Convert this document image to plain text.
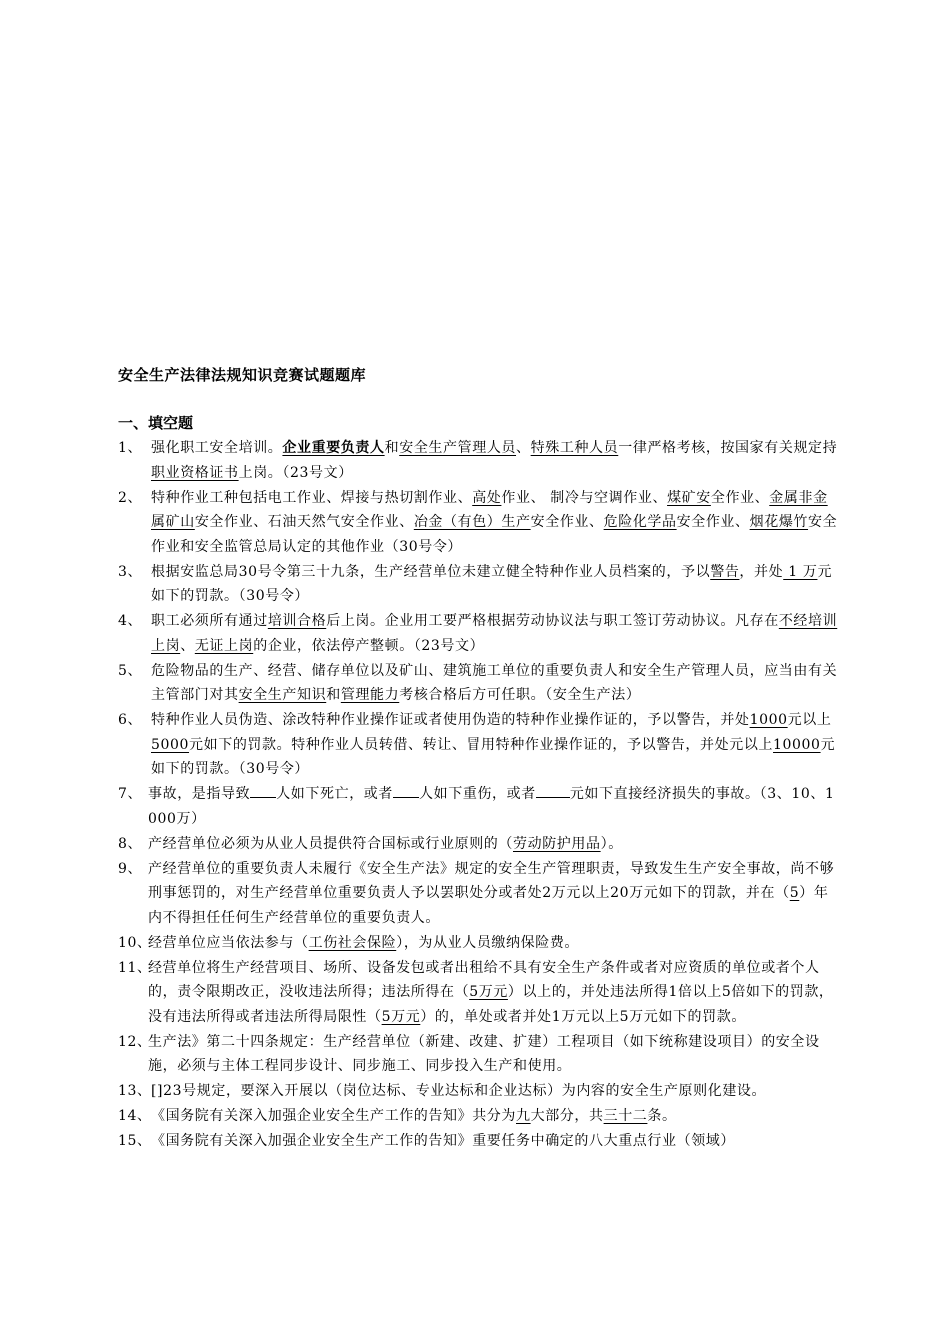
安全生产法律法规知识竞赛试题题库
一、填空题
1、 强化职工安全培训。企业重要负责人和安全生产管理人员、特殊工种人员一律严格考核，按国家有关规定持职业资格证书上岗。（23号文）
2、 特种作业工种包括电工作业、焊接与热切割作业、高处作业、 制冷与空调作业、煤矿安全作业、金属非金属矿山安全作业、石油天然气安全作业、冶金（有色）生产安全作业、危险化学品安全作业、烟花爆竹安全作业和安全监管总局认定的其他作业（30号令）
3、 根据安监总局30号令第三十九条，生产经营单位未建立健全特种作业人员档案的，予以警告，并处 1 万元如下的罚款。（30号令）
4、 职工必须所有通过培训合格后上岗。企业用工要严格根据劳动协议法与职工签订劳动协议。凡存在不经培训上岗、无证上岗的企业，依法停产整顿。（23号文）
5、 危险物品的生产、经营、储存单位以及矿山、建筑施工单位的重要负责人和安全生产管理人员，应当由有关主管部门对其安全生产知识和管理能力考核合格后方可任职。（安全生产法）
6、 特种作业人员伪造、涂改特种作业操作证或者使用伪造的特种作业操作证的，予以警告，并处1000元以上5000元如下的罚款。特种作业人员转借、转让、冒用特种作业操作证的，予以警告，并处元以上10000元如下的罚款。（30号令）
7、 事故，是指导致 人如下死亡，或者 人如下重伤，或者 元如下直接经济损失的事故。（3、10、1000万）
8、 产经营单位必须为从业人员提供符合国标或行业原则的（劳动防护用品）。
9、 产经营单位的重要负责人未履行《安全生产法》规定的安全生产管理职责，导致发生生产安全事故，尚不够刑事惩罚的，对生产经营单位重要负责人予以罢职处分或者处2万元以上20万元如下的罚款，并在（5）年内不得担任任何生产经营单位的重要负责人。
10、
经营单位应当依法参与（工伤社会保险），为从业人员缴纳保险费。
11、
经营单位将生产经营项目、场所、设备发包或者出租给不具有安全生产条件或者对应资质的单位或者个人的，责令限期改正，没收违法所得；违法所得在（5万元）以上的，并处违法所得1倍以上5倍如下的罚款，没有违法所得或者违法所得局限性（5万元）的，单处或者并处1万元以上5万元如下的罚款。
12、
生产法》第二十四条规定：生产经营单位（新建、改建、扩建）工程项目（如下统称建设项目）的安全设施，必须与主体工程同步设计、同步施工、同步投入生产和使用。
13、 []23号规定，要深入开展以（岗位达标、专业达标和企业达标）为内容的安全生产原则化建设。
14、 《国务院有关深入加强企业安全生产工作的告知》共分为九大部分，共三十二条。
15、 《国务院有关深入加强企业安全生产工作的告知》重要任务中确定的八大重点行业（领域）
